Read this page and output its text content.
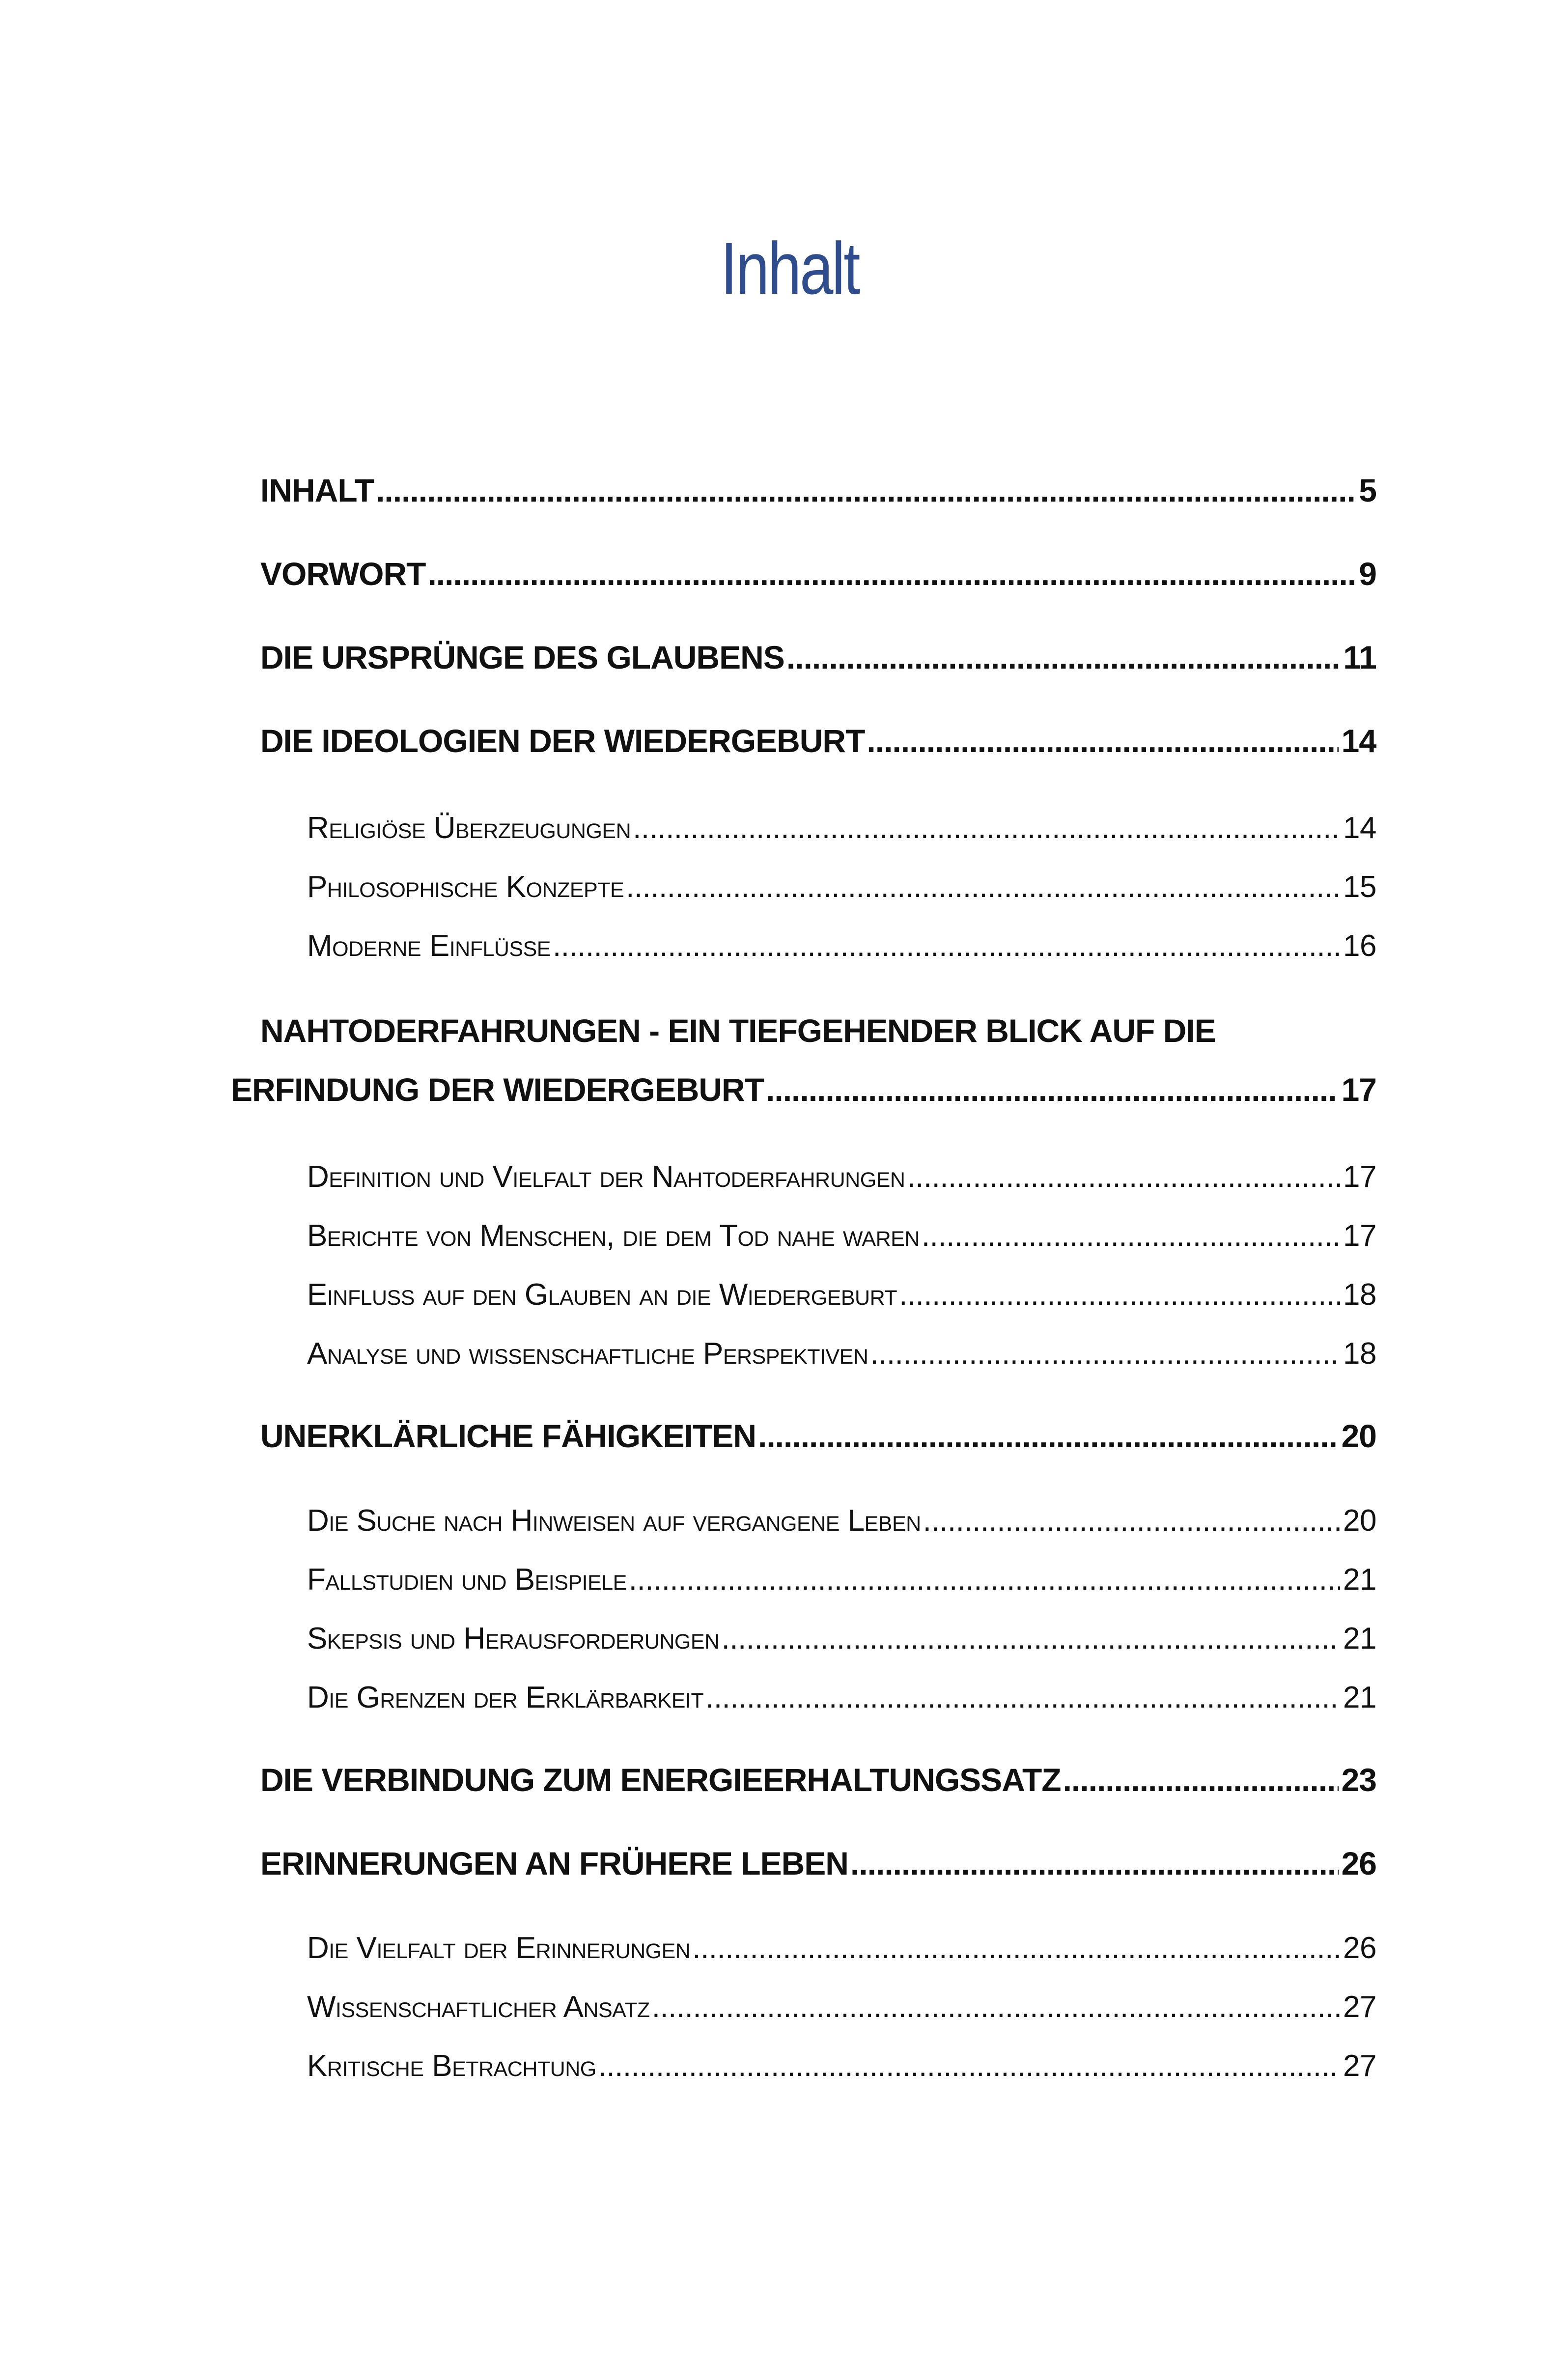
Inhalt
INHALT .....	5
VORWORT .....	9
DIE URSPRÜNGE DES GLAUBENS .....	11
DIE IDEOLOGIEN DER WIEDERGEBURT .....	14
Religiöse Überzeugungen .....	14
Philosophische Konzepte .....	15
Moderne Einflüsse .....	16
NAHTODERFAHRUNGEN - EIN TIEFGEHENDER BLICK AUF DIE
ERFINDUNG DER WIEDERGEBURT .....	17
Definition und Vielfalt der Nahtoderfahrungen .....	17
Berichte von Menschen, die dem Tod nahe waren .....	17
Einfluss auf den Glauben an die Wiedergeburt .....	18
Analyse und wissenschaftliche Perspektiven .....	18
UNERKLÄRLICHE FÄHIGKEITEN .....	20
Die Suche nach Hinweisen auf vergangene Leben .....	20
Fallstudien und Beispiele .....	21
Skepsis und Herausforderungen .....	21
Die Grenzen der Erklärbarkeit .....	21
DIE VERBINDUNG ZUM ENERGIEERHALTUNGSSATZ .....	23
ERINNERUNGEN AN FRÜHERE LEBEN .....	26
Die Vielfalt der Erinnerungen .....	26
Wissenschaftlicher Ansatz .....	27
Kritische Betrachtung .....	27
